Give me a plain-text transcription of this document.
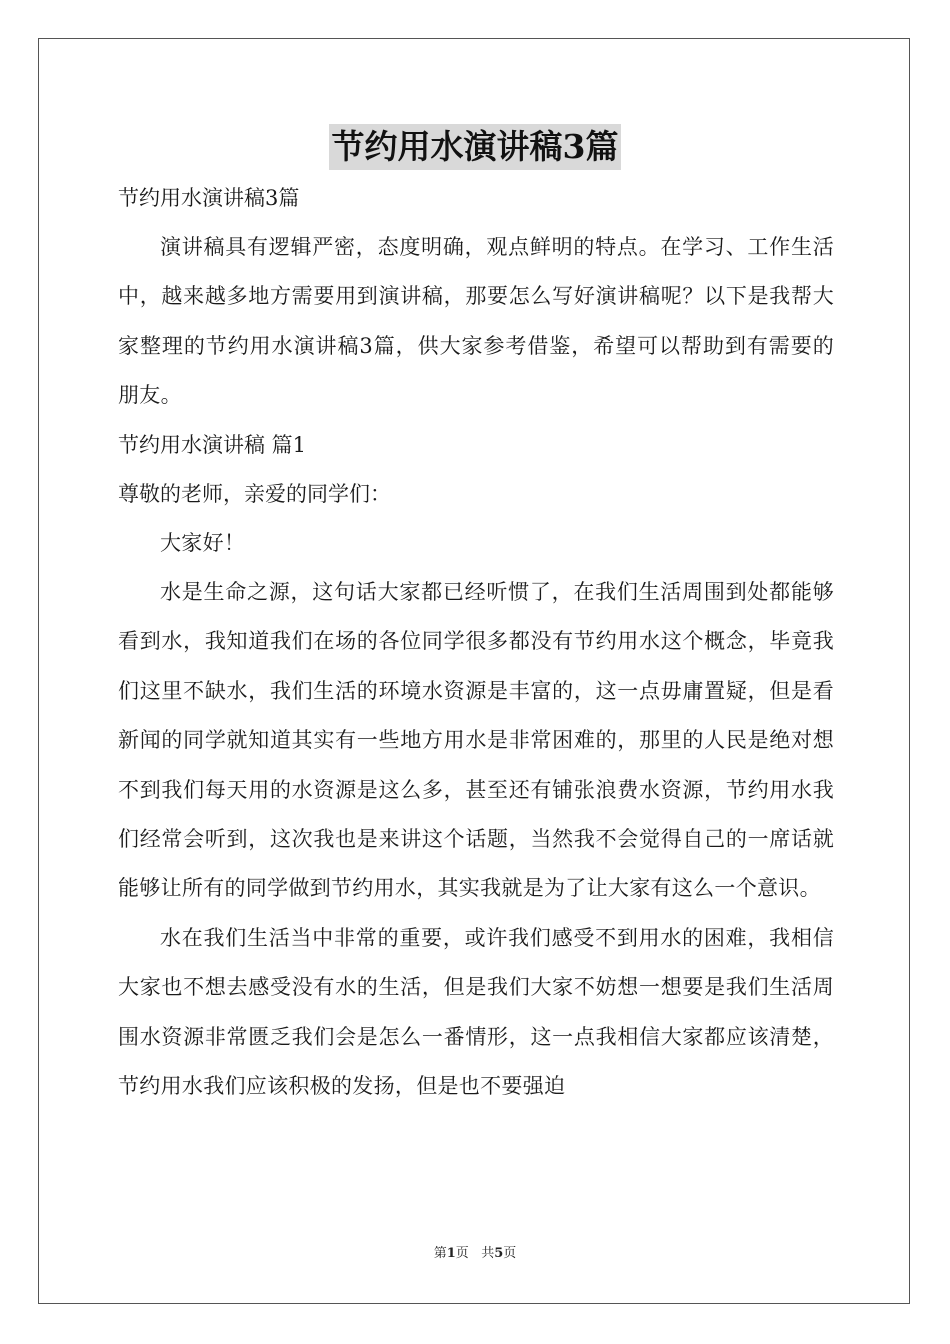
节约用水演讲稿3篇

节约用水演讲稿3篇

演讲稿具有逻辑严密，态度明确，观点鲜明的特点。在学习、工作生活中，越来越多地方需要用到演讲稿，那要怎么写好演讲稿呢？以下是我帮大家整理的节约用水演讲稿3篇，供大家参考借鉴，希望可以帮助到有需要的朋友。

节约用水演讲稿 篇1

尊敬的老师，亲爱的同学们：

大家好！

水是生命之源，这句话大家都已经听惯了，在我们生活周围到处都能够看到水，我知道我们在场的各位同学很多都没有节约用水这个概念，毕竟我们这里不缺水，我们生活的环境水资源是丰富的，这一点毋庸置疑，但是看新闻的同学就知道其实有一些地方用水是非常困难的，那里的人民是绝对想不到我们每天用的水资源是这么多，甚至还有铺张浪费水资源，节约用水我们经常会听到，这次我也是来讲这个话题，当然我不会觉得自己的一席话就能够让所有的同学做到节约用水，其实我就是为了让大家有这么一个意识。

水在我们生活当中非常的重要，或许我们感受不到用水的困难，我相信大家也不想去感受没有水的生活，但是我们大家不妨想一想要是我们生活周围水资源非常匮乏我们会是怎么一番情形，这一点我相信大家都应该清楚，节约用水我们应该积极的发扬，但是也不要强迫

第1页 共5页
